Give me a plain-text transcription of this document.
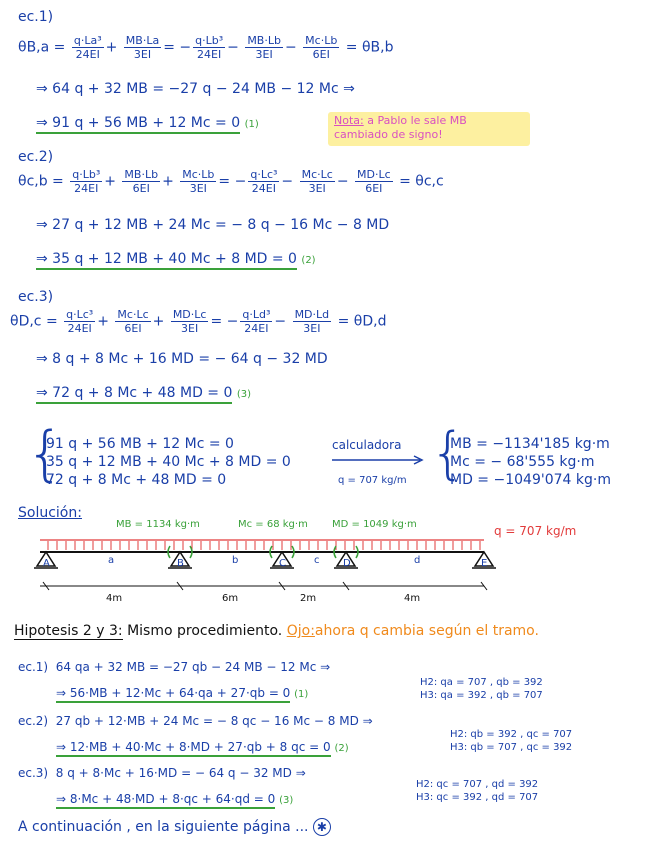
ec.1)
$\theta B,a = \frac{\text{q·La³}}{24EI} + \frac{MB\cdot La}{3EI}$ = − $\frac{\text{q·Lb³}}{24EI} - \frac{MB\cdot Lb}{3EI} - \frac{Mc\cdot Lb}{6EI} = \theta B,b$
⇒ 64 q + 32 MB = −27 q − 24 MB − 12 Mc ⇒
⇒ 91 q + 56 MB + 12 Mc = 0 (1)	Nota: a Pablo le sale MB cambiado de signo!
ec.2)
$\theta c,b = \frac{\text{q·Lb³}}{24EI} + \frac{MB\cdot Lb}{6EI} + \frac{Mc\cdot Lb}{3EI}$ = − $\frac{\text{q·Lc³}}{24EI} - \frac{Mc\cdot Lc}{3EI} - \frac{MD\cdot Lc}{6EI} = \theta c,c$
⇒ 27 q + 12 MB + 24 Mc = − 8 q − 16 Mc − 8 MD
⇒ 35 q + 12 MB + 40 Mc + 8 MD = 0 (2)
ec.3)
$\theta D,c = \frac{\text{q·Lc³}}{24EI} + \frac{Mc\cdot Lc}{6EI} + \frac{MD\cdot Lc}{3EI}$ = − $\frac{\text{q·Ld³}}{24EI} - \frac{MD\cdot Ld}{3EI} = \theta D,d$
⇒ 8 q + 8 Mc + 16 MD = − 64 q − 32 MD
⇒ 72 q + 8 Mc + 48 MD = 0 (3)
{
91 q + 56 MB + 12 Mc = 0
35 q + 12 MB + 40 Mc + 8 MD = 0
72 q + 8 Mc + 48 MD = 0
calculadora
q = 707 kg/m {
MB = −1134'185 kg·m
Mc = − 68'555 kg·m
MD = −1049'074 kg·m
Solución:
MB = 1134 kg·m	Mc = 68 kg·m MD = 1049 kg·m	q = 707 kg/m
a	b	c	d
A	B	C	D	E
4m	6m	2m	4m
Hipotesis 2 y 3: Mismo procedimiento. Ojo:ahora q cambia según el tramo.
ec.1) 64 qa + 32 MB = −27 qb − 24 MB − 12 Mc ⇒
⇒ 56·MB + 12·Mc + 64·qa + 27·qb = 0 (1)
H2: qa = 707 , qb = 392
H3: qa = 392 , qb = 707
ec.2) 27 qb + 12·MB + 24 Mc = − 8 qc − 16 Mc − 8 MD ⇒
⇒ 12·MB + 40·Mc + 8·MD + 27·qb + 8 qc = 0 (2)
H2: qb = 392 , qc = 707
H3: qb = 707 , qc = 392
ec.3) 8 q + 8·Mc + 16·MD = − 64 q − 32 MD ⇒
⇒ 8·Mc + 48·MD + 8·qc + 64·qd = 0 (3)
H2: qc = 707 , qd = 392
H3: qc = 392 , qd = 707
A continuación , en la siguiente página ... ✱
